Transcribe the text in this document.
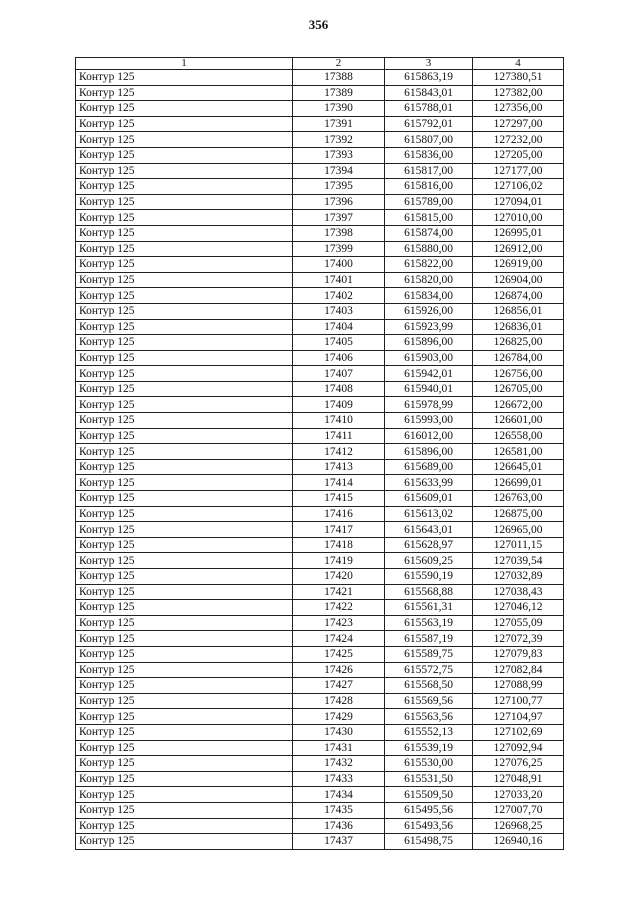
356
1	2	3	4
Контур 125	17388	615863,19	127380,51
Контур 125	17389	615843,01	127382,00
Контур 125	17390	615788,01	127356,00
Контур 125	17391	615792,01	127297,00
Контур 125	17392	615807,00	127232,00
Контур 125	17393	615836,00	127205,00
Контур 125	17394	615817,00	127177,00
Контур 125	17395	615816,00	127106,02
Контур 125	17396	615789,00	127094,01
Контур 125	17397	615815,00	127010,00
Контур 125	17398	615874,00	126995,01
Контур 125	17399	615880,00	126912,00
Контур 125	17400	615822,00	126919,00
Контур 125	17401	615820,00	126904,00
Контур 125	17402	615834,00	126874,00
Контур 125	17403	615926,00	126856,01
Контур 125	17404	615923,99	126836,01
Контур 125	17405	615896,00	126825,00
Контур 125	17406	615903,00	126784,00
Контур 125	17407	615942,01	126756,00
Контур 125	17408	615940,01	126705,00
Контур 125	17409	615978,99	126672,00
Контур 125	17410	615993,00	126601,00
Контур 125	17411	616012,00	126558,00
Контур 125	17412	615896,00	126581,00
Контур 125	17413	615689,00	126645,01
Контур 125	17414	615633,99	126699,01
Контур 125	17415	615609,01	126763,00
Контур 125	17416	615613,02	126875,00
Контур 125	17417	615643,01	126965,00
Контур 125	17418	615628,97	127011,15
Контур 125	17419	615609,25	127039,54
Контур 125	17420	615590,19	127032,89
Контур 125	17421	615568,88	127038,43
Контур 125	17422	615561,31	127046,12
Контур 125	17423	615563,19	127055,09
Контур 125	17424	615587,19	127072,39
Контур 125	17425	615589,75	127079,83
Контур 125	17426	615572,75	127082,84
Контур 125	17427	615568,50	127088,99
Контур 125	17428	615569,56	127100,77
Контур 125	17429	615563,56	127104,97
Контур 125	17430	615552,13	127102,69
Контур 125	17431	615539,19	127092,94
Контур 125	17432	615530,00	127076,25
Контур 125	17433	615531,50	127048,91
Контур 125	17434	615509,50	127033,20
Контур 125	17435	615495,56	127007,70
Контур 125	17436	615493,56	126968,25
Контур 125	17437	615498,75	126940,16
